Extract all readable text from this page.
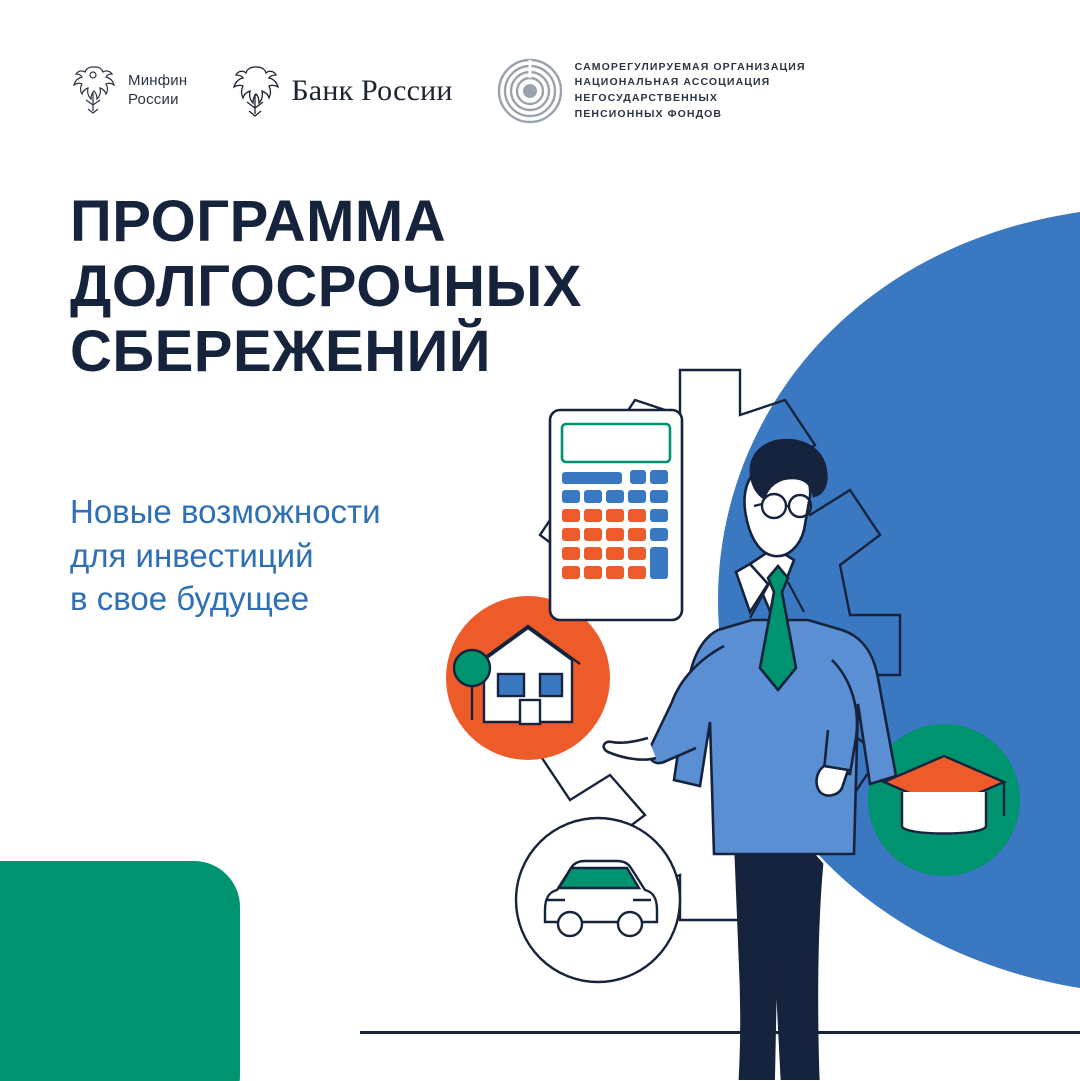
Минфин
России	Банк России
САМОРЕГУЛИРУЕМАЯ ОРГАНИЗАЦИЯ
НАЦИОНАЛЬНАЯ АССОЦИАЦИЯ
НЕГОСУДАРСТВЕННЫХ
ПЕНСИОННЫХ ФОНДОВ
ПРОГРАММА
ДОЛГОСРОЧНЫХ
СБЕРЕЖЕНИЙ
Новые возможности
для инвестиций
в свое будущее
